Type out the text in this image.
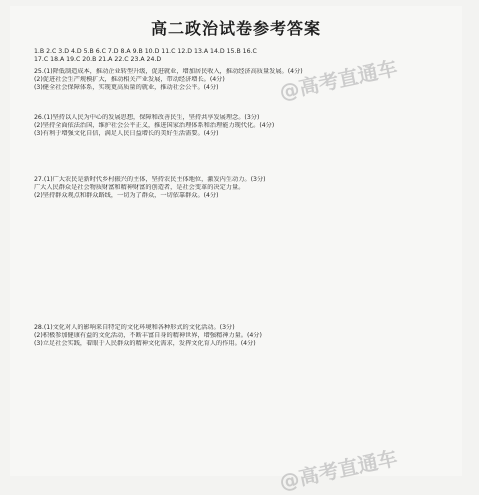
高二政治试卷参考答案
1.B 2.C 3.D 4.D 5.B 6.C 7.D 8.A 9.B 10.D 11.C 12.D 13.A 14.D 15.B 16.C
17.C 18.A 19.C 20.B 21.A 22.C 23.A 24.D
25.(1)降低制造成本，推动企业转型升级，促进就业，增加居民收入，推动经济高质量发展。(4分)
(2)促进社会生产规模扩大，推动相关产业发展，带动经济增长。(4分)
(3)健全社会保障体系，实现更高质量的就业，推动社会公平。(4分)
26.(1)坚持以人民为中心的发展思想，保障和改善民生，坚持共享发展理念。(3分)
(2)坚持全面依法治国，维护社会公平正义，推进国家治理体系和治理能力现代化。(4分)
(3)有利于增强文化自信，满足人民日益增长的美好生活需要。(4分)
27.(1)广大农民是新时代乡村振兴的主体，坚持农民主体地位，激发内生动力。(3分)
广大人民群众是社会物质财富和精神财富的创造者，是社会变革的决定力量。
(2)坚持群众观点和群众路线，一切为了群众，一切依靠群众。(4分)
28.(1)文化对人的影响来自特定的文化环境和各种形式的文化活动。(3分)
(2)积极参加健康有益的文化活动，不断丰富自身的精神世界，增强精神力量。(4分)
(3)立足社会实践，着眼于人民群众的精神文化需求，发挥文化育人的作用。(4分)
@高考直通车
@高考直通车
